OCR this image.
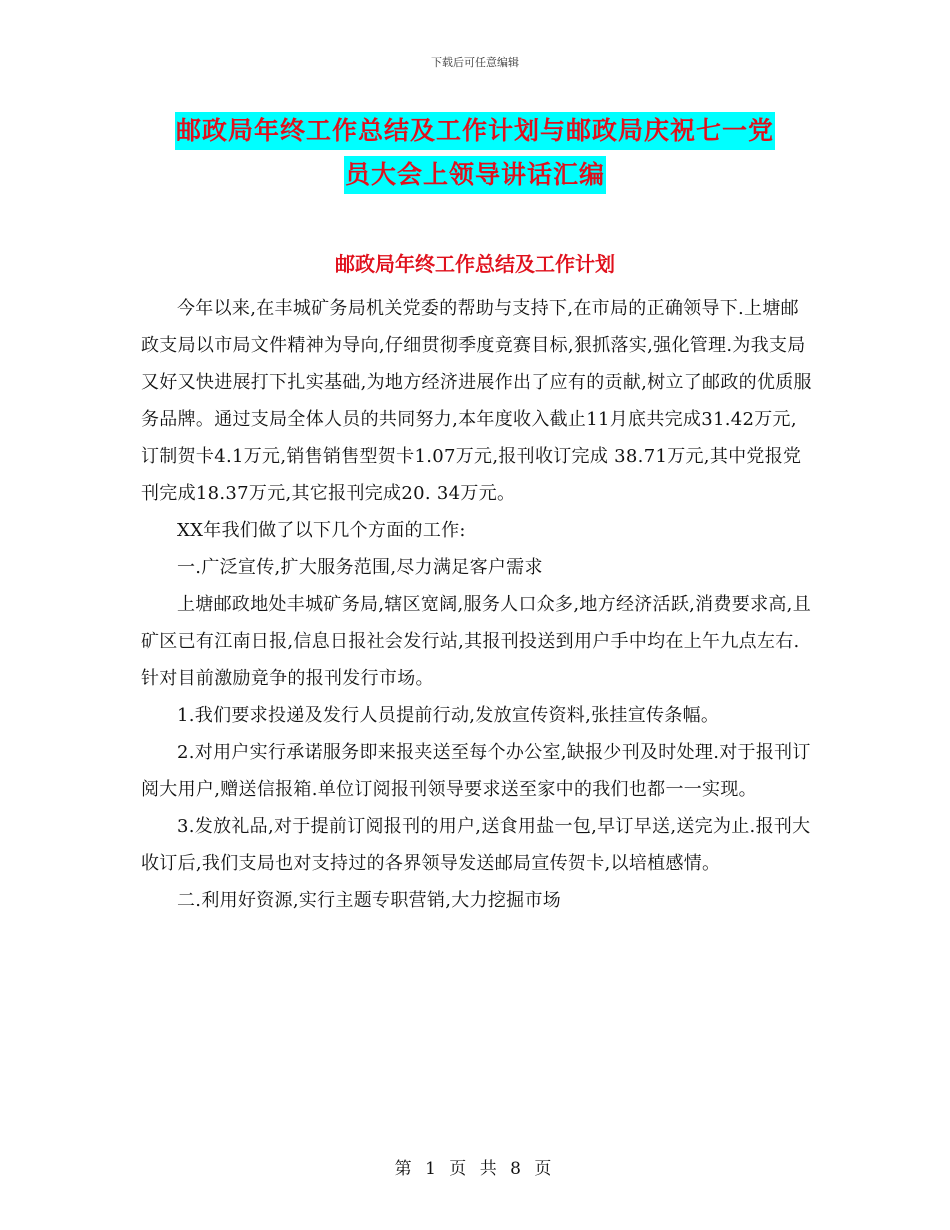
下载后可任意编辑
邮政局年终工作总结及工作计划与邮政局庆祝七一党
员大会上领导讲话汇编
邮政局年终工作总结及工作计划

今年以来,在丰城矿务局机关党委的帮助与支持下,在市局的正确领导下.上塘邮政支局以市局文件精神为导向,仔细贯彻季度竟赛目标,狠抓落实,强化管理.为我支局又好又快进展打下扎实基础,为地方经济进展作出了应有的贡献,树立了邮政的优质服务品牌。通过支局全体人员的共同努力,本年度收入截止11月底共完成31.42万元,订制贺卡4.1万元,销售销售型贺卡1.07万元,报刊收订完成 38.71万元,其中党报党刊完成18.37万元,其它报刊完成20. 34万元。

XX年我们做了以下几个方面的工作:

一.广泛宣传,扩大服务范围,尽力满足客户需求

上塘邮政地处丰城矿务局,辖区宽阔,服务人口众多,地方经济活跃,消费要求高,且矿区已有江南日报,信息日报社会发行站,其报刊投送到用户手中均在上午九点左右.针对目前激励竟争的报刊发行市场。

1.我们要求投递及发行人员提前行动,发放宣传资料,张挂宣传条幅。

2.对用户实行承诺服务即来报夹送至每个办公室,缺报少刊及时处理.对于报刊订阅大用户,赠送信报箱.单位订阅报刊领导要求送至家中的我们也都一一实现。

3.发放礼品,对于提前订阅报刊的用户,送食用盐一包,早订早送,送完为止.报刊大收订后,我们支局也对支持过的各界领导发送邮局宣传贺卡,以培植感情。

二.利用好资源,实行主题专职营销,大力挖掘市场

第 1 页 共 8 页
